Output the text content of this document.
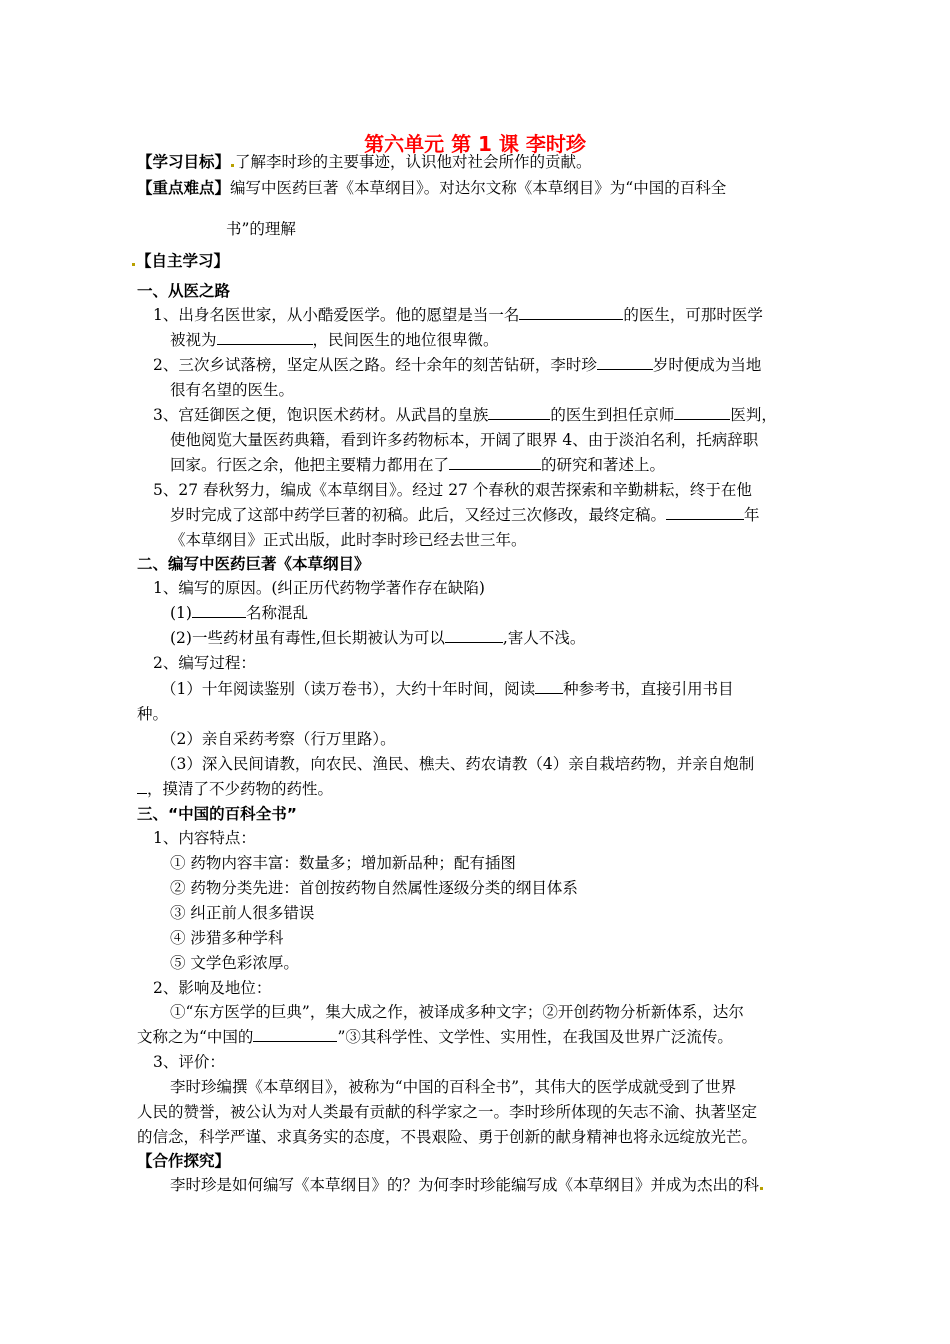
第六单元 第 1 课 李时珍
【学习目标】 了解李时珍的主要事迹，认识他对社会所作的贡献。
【重点难点】编写中医药巨著《本草纲目》。对达尔文称《本草纲目》为“中国的百科全
书”的理解
【自主学习】
一、从医之路
1、出身名医世家，从小酷爱医学。他的愿望是当一名	的医生，可那时医学
被视为	，民间医生的地位很卑微。
2、三次乡试落榜，坚定从医之路。经十余年的刻苦钻研，李时珍	岁时便成为当地
很有名望的医生。
3、宫廷御医之便，饱识医术药材。从武昌的皇族	的医生到担任京师	医判，
使他阅览大量医药典籍，看到许多药物标本，开阔了眼界 4、由于淡泊名利，托病辞职
回家。行医之余，他把主要精力都用在了	的研究和著述上。
5、27 春秋努力，编成《本草纲目》。经过 27 个春秋的艰苦探索和辛勤耕耘，终于在他
岁时完成了这部中药学巨著的初稿。此后，又经过三次修改，最终定稿。	年
《本草纲目》正式出版，此时李时珍已经去世三年。
二、编写中医药巨著《本草纲目》
1、编写的原因。(纠正历代药物学著作存在缺陷)
(1)	名称混乱
(2)一些药材虽有毒性,但长期被认为可以	,害人不浅。
2、编写过程：
（1）十年阅读鉴别（读万卷书），大约十年时间，阅读 种参考书，直接引用书目
种。
（2）亲自采药考察（行万里路）。
（3）深入民间请教，向农民、渔民、樵夫、药农请教（4）亲自栽培药物，并亲自炮制
，摸清了不少药物的药性。
三、“中国的百科全书”
1、内容特点：
① 药物内容丰富：数量多；增加新品种；配有插图
② 药物分类先进：首创按药物自然属性逐级分类的纲目体系
③ 纠正前人很多错误
④ 涉猎多种学科
⑤ 文学色彩浓厚。
2、影响及地位：
①“东方医学的巨典”，集大成之作，被译成多种文字；②开创药物分析新体系，达尔
文称之为“中国的	”③其科学性、文学性、实用性，在我国及世界广泛流传。
3、评价：
李时珍编撰《本草纲目》，被称为“中国的百科全书”，其伟大的医学成就受到了世界
人民的赞誉，被公认为对人类最有贡献的科学家之一。李时珍所体现的矢志不渝、执著坚定
的信念，科学严谨、求真务实的态度，不畏艰险、勇于创新的献身精神也将永远绽放光芒。
【合作探究】
李时珍是如何编写《本草纲目》的？为何李时珍能编写成《本草纲目》并成为杰出的科
